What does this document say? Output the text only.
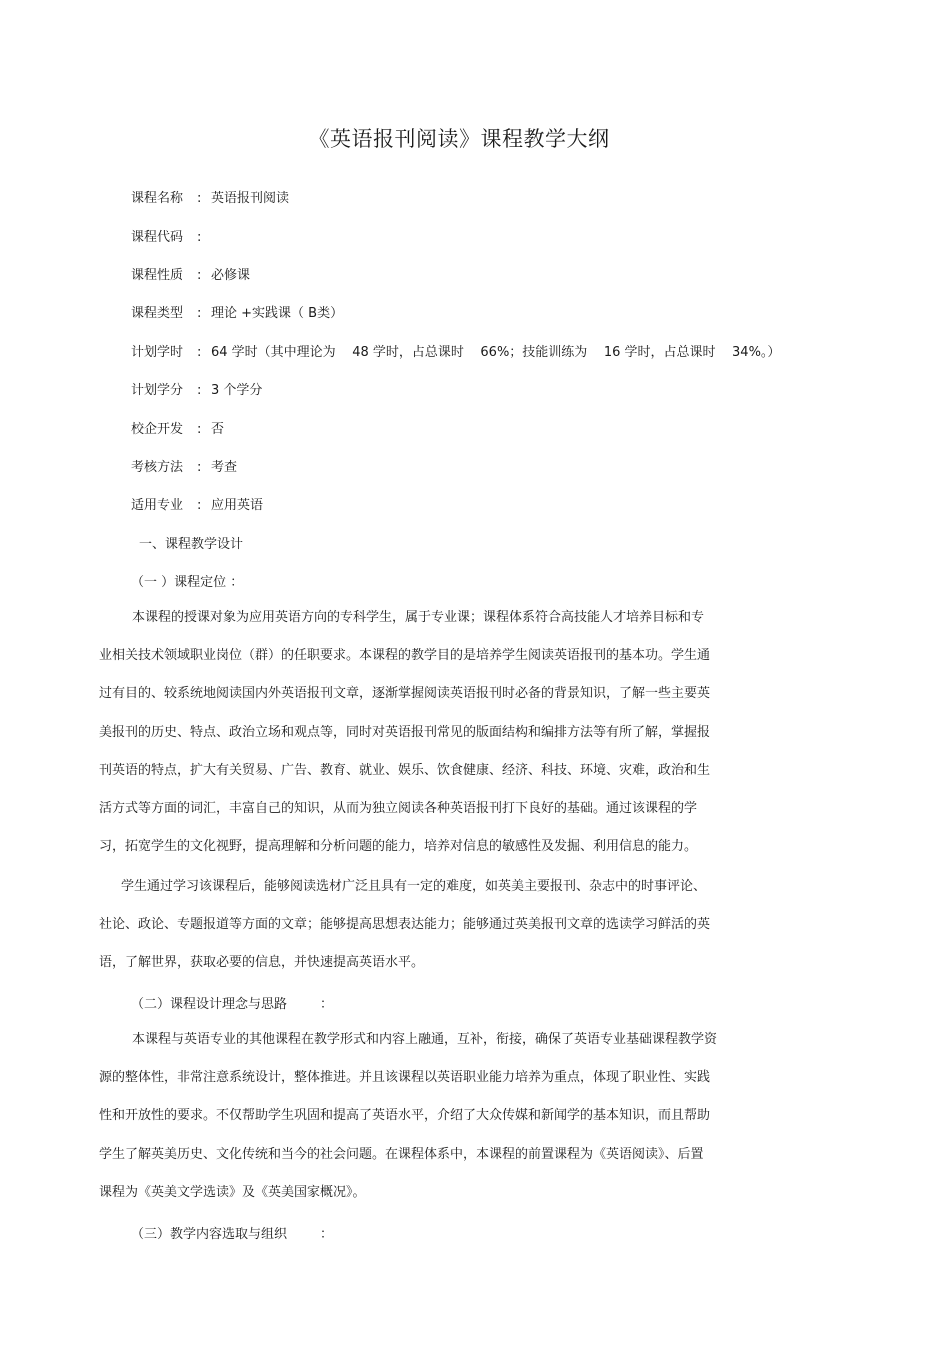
《英语报刊阅读》课程教学大纲
课程名称 : 英语报刊阅读
课程代码 :
课程性质 : 必修课
课程类型 : 理论 +实践课（ B类）
计划学时 : 64 学时（其中理论为    48 学时，占总课时    66%；技能训练为    16 学时，占总课时    34%。）
计划学分 : 3 个学分
校企开发 : 否
考核方法 : 考查
适用专业 : 应用英语
一、课程教学设计
（一 ）课程定位 ：
本课程的授课对象为应用英语方向的专科学生，属于专业课；课程体系符合高技能人才培养目标和专
业相关技术领域职业岗位（群）的任职要求。本课程的教学目的是培养学生阅读英语报刊的基本功。学生通
过有目的、较系统地阅读国内外英语报刊文章，逐渐掌握阅读英语报刊时必备的背景知识，了解一些主要英
美报刊的历史、特点、政治立场和观点等，同时对英语报刊常见的版面结构和编排方法等有所了解，掌握报
刊英语的特点，扩大有关贸易、广告、教育、就业、娱乐、饮食健康、经济、科技、环境、灾难，政治和生
活方式等方面的词汇，丰富自己的知识，从而为独立阅读各种英语报刊打下良好的基础。通过该课程的学
习，拓宽学生的文化视野，提高理解和分析问题的能力，培养对信息的敏感性及发掘、利用信息的能力。
学生通过学习该课程后，能够阅读选材广泛且具有一定的难度，如英美主要报刊、杂志中的时事评论、
社论、政论、专题报道等方面的文章；能够提高思想表达能力；能够通过英美报刊文章的选读学习鲜活的英
语，了解世界，获取必要的信息，并快速提高英语水平。
（二）课程设计理念与思路        ：
本课程与英语专业的其他课程在教学形式和内容上融通，互补，衔接，确保了英语专业基础课程教学资
源的整体性，非常注意系统设计，整体推进。并且该课程以英语职业能力培养为重点，体现了职业性、实践
性和开放性的要求。不仅帮助学生巩固和提高了英语水平，介绍了大众传媒和新闻学的基本知识，而且帮助
学生了解英美历史、文化传统和当今的社会问题。在课程体系中，本课程的前置课程为《英语阅读》、后置
课程为《英美文学选读》及《英美国家概况》。
（三）教学内容选取与组织        ：
